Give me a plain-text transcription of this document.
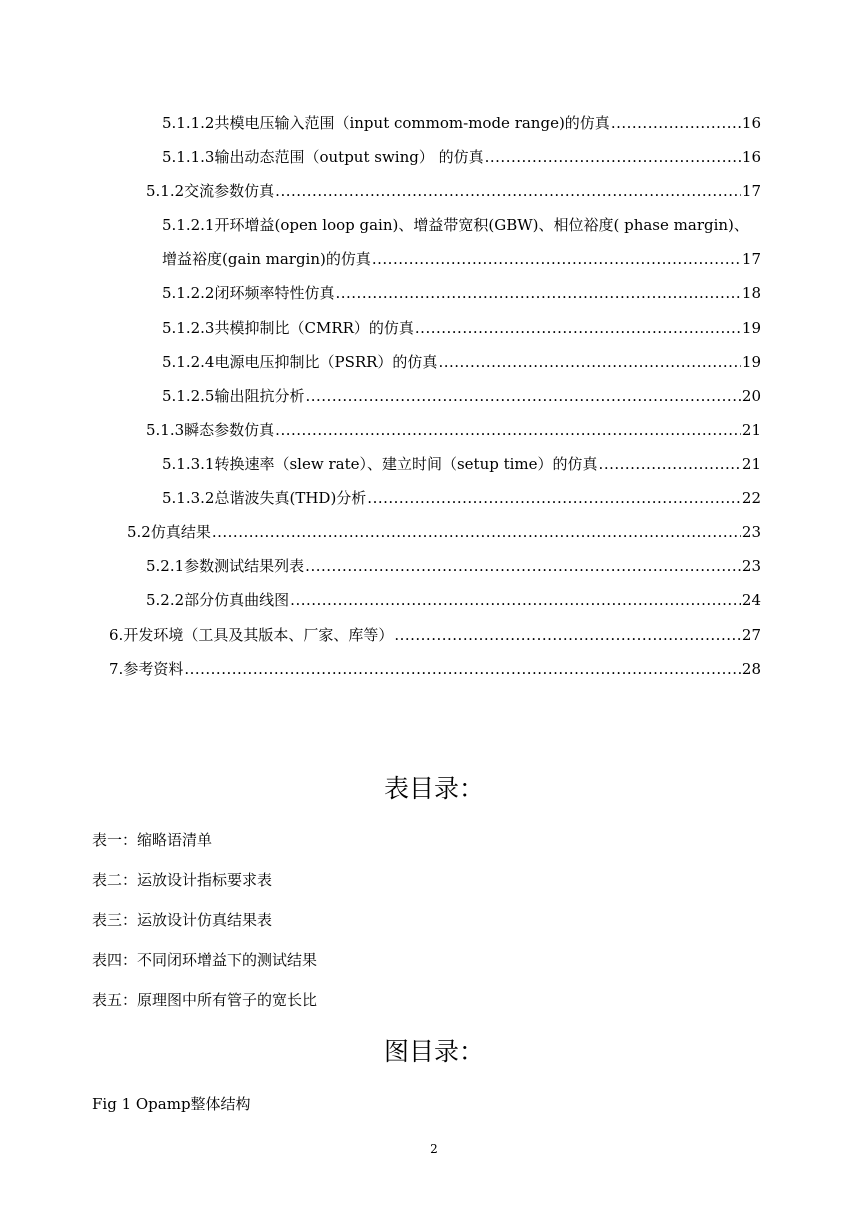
5.1.1.2共模电压输入范围（input commom-mode range)的仿真 .....	16
5.1.1.3输出动态范围（output swing） 的仿真 .....	16
5.1.2交流参数仿真 .....	17
5.1.2.1开环增益(open loop gain)、增益带宽积(GBW)、相位裕度( phase margin)、
增益裕度(gain margin)的仿真 .....	17
5.1.2.2闭环频率特性仿真 .....	18
5.1.2.3共模抑制比（CMRR）的仿真 .....	19
5.1.2.4电源电压抑制比（PSRR）的仿真 .....	19
5.1.2.5输出阻抗分析 .....	20
5.1.3瞬态参数仿真 .....	21
5.1.3.1转换速率（slew rate）、建立时间（setup time）的仿真 .....	21
5.1.3.2总谐波失真(THD)分析 .....	22
5.2仿真结果 .....	23
5.2.1参数测试结果列表 .....	23
5.2.2部分仿真曲线图 .....	24
6. 开发环境（工具及其版本、厂家、库等） .....	27
7. 参考资料 .....	28
表目录：
表一：缩略语清单
表二：运放设计指标要求表
表三：运放设计仿真结果表
表四：不同闭环增益下的测试结果
表五：原理图中所有管子的宽长比
图目录：
Fig 1 Opamp整体结构
2
